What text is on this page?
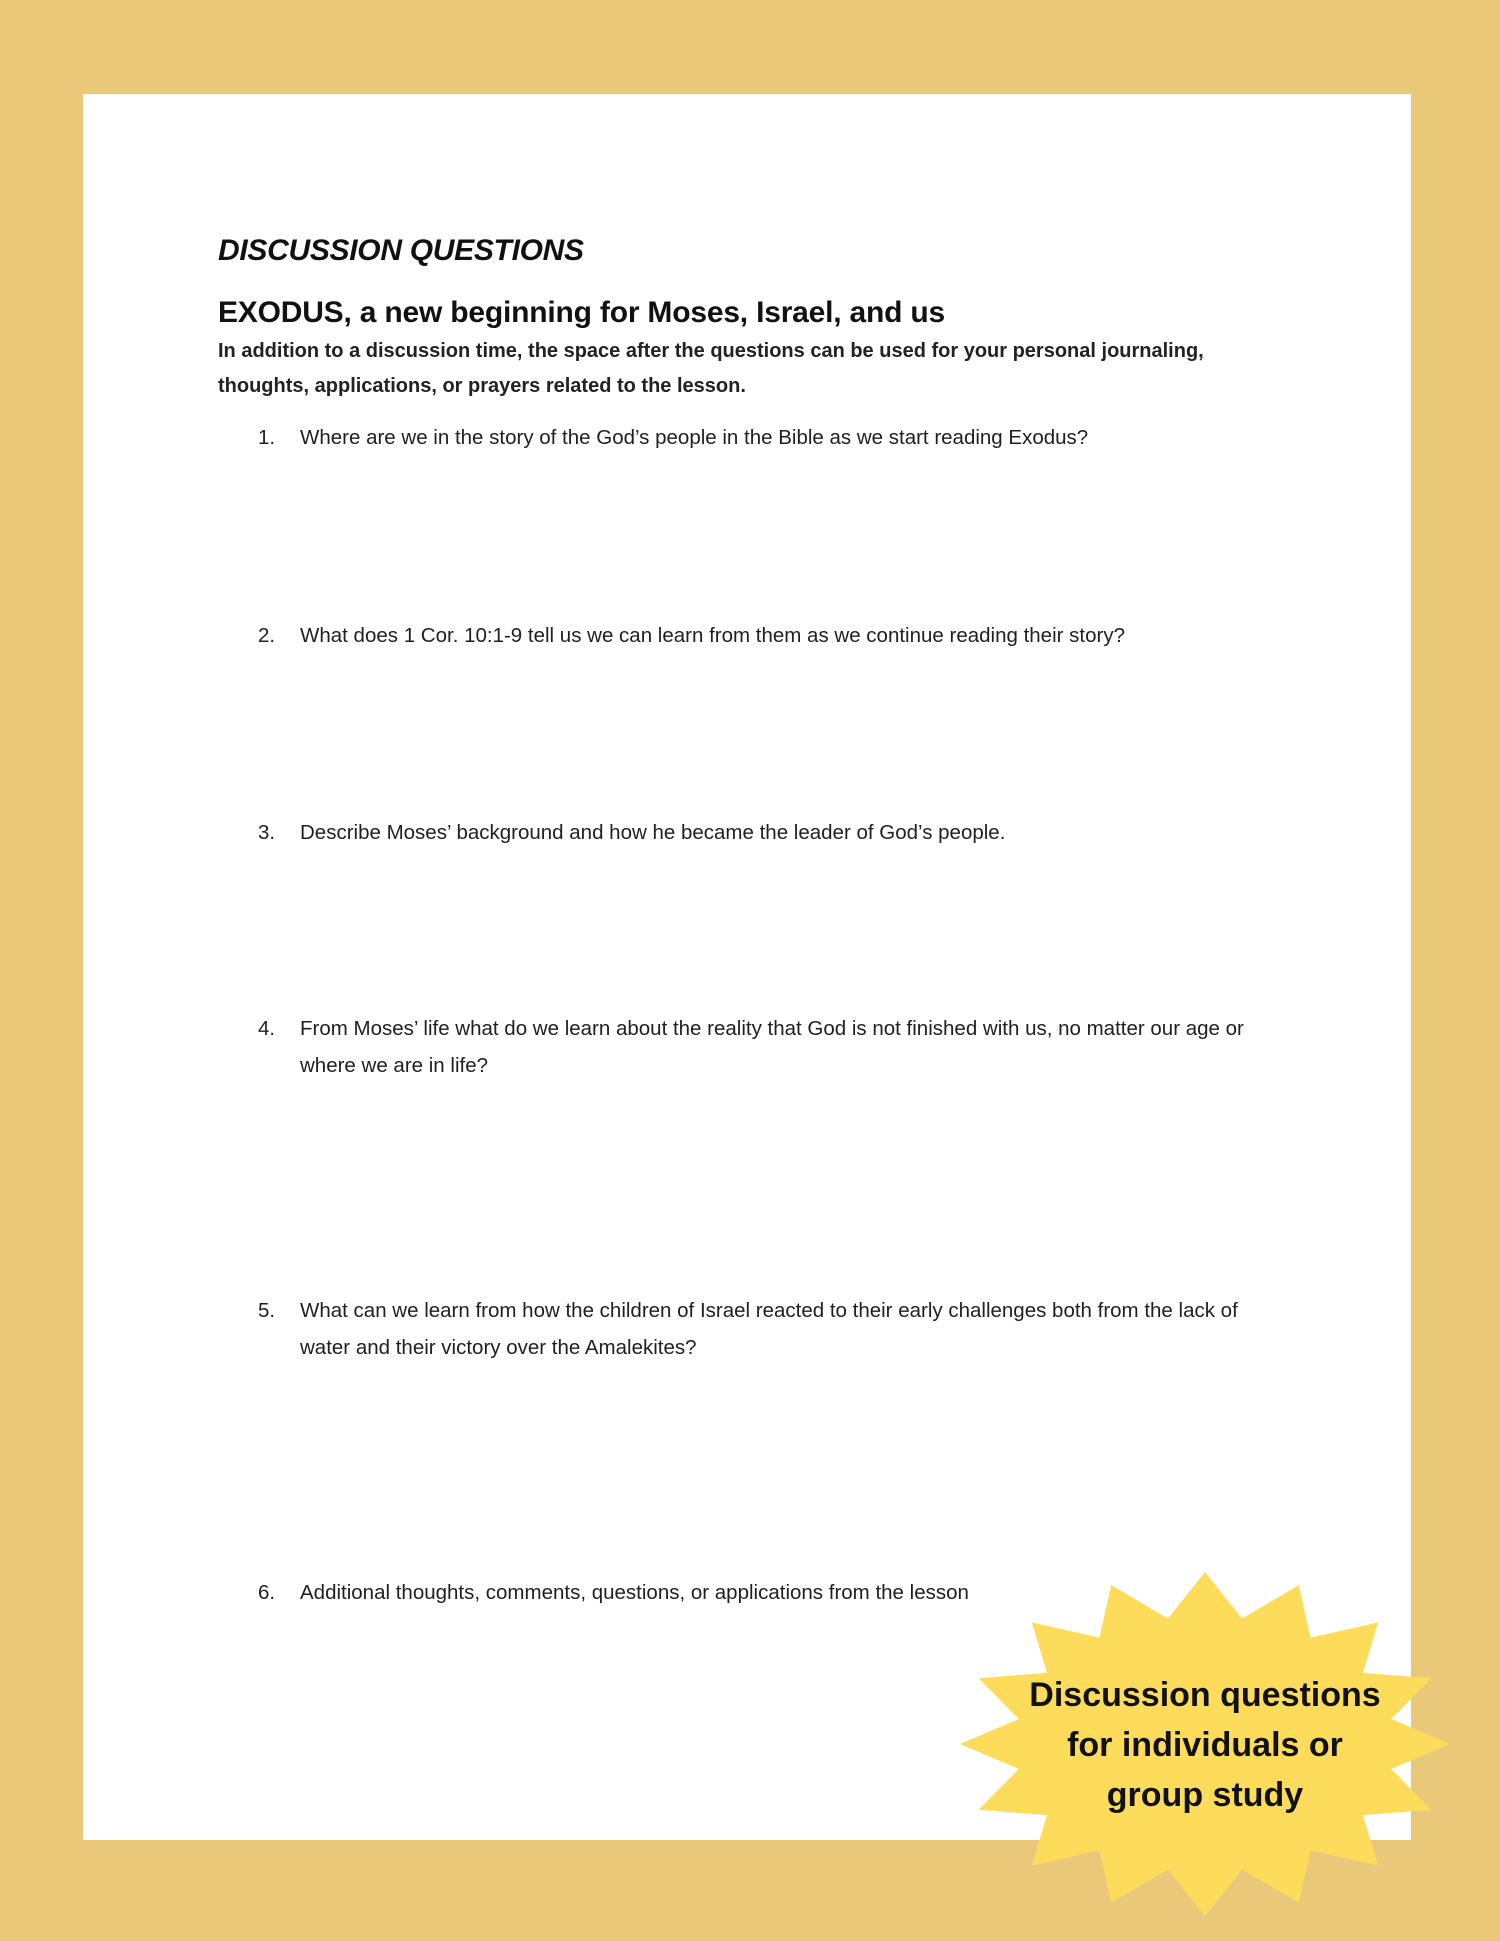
DISCUSSION QUESTIONS
EXODUS, a new beginning for Moses, Israel, and us

In addition to a discussion time, the space after the questions can be used for your personal journaling, thoughts, applications, or prayers related to the lesson.

1.	Where are we in the story of the God’s people in the Bible as we start reading Exodus?
2.	What does 1 Cor. 10:1-9 tell us we can learn from them as we continue reading their story?
3.	Describe Moses’ background and how he became the leader of God’s people.
4.	From Moses’ life what do we learn about the reality that God is not finished with us, no matter our age or where we are in life?
5.	What can we learn from how the children of Israel reacted to their early challenges both from the lack of water and their victory over the Amalekites?
6.	Additional thoughts, comments, questions, or applications from the lesson
Discussion questions
for individuals or
group study
